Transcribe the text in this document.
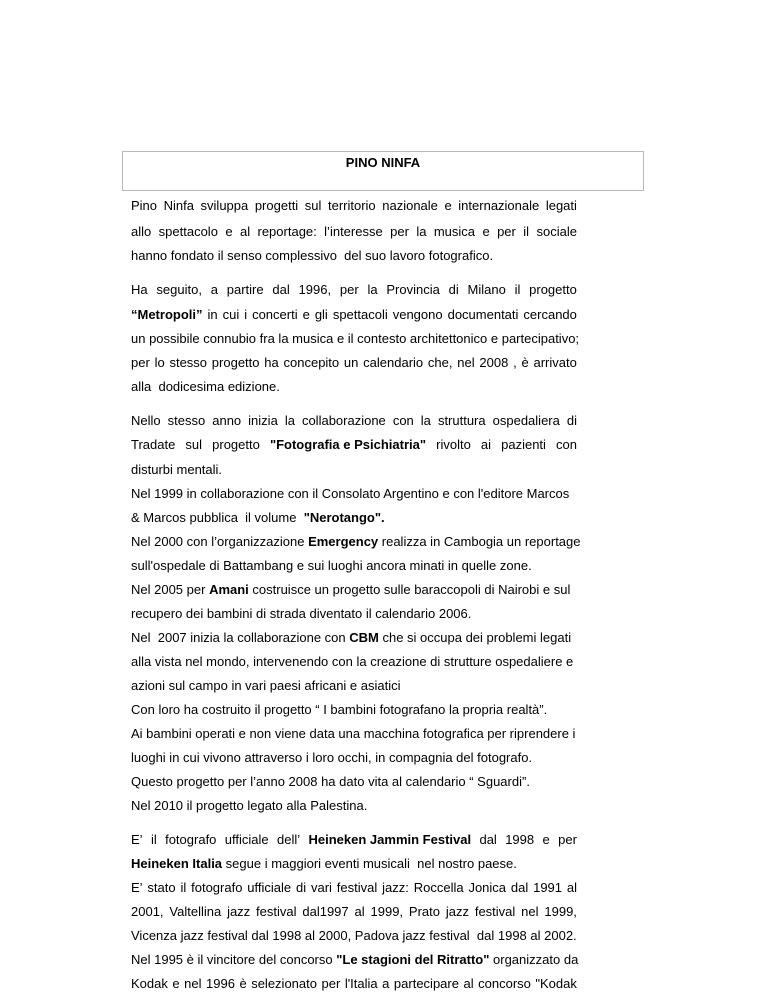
PINO NINFA
Pino Ninfa sviluppa progetti sul territorio nazionale e internazionale legati
allo spettacolo e al reportage: l’interesse per la musica e per il sociale
hanno fondato il senso complessivo  del suo lavoro fotografico.
Ha seguito, a partire dal 1996, per la Provincia di Milano il progetto
“Metropoli” in cui i concerti e gli spettacoli vengono documentati cercando
un possibile connubio fra la musica e il contesto architettonico e partecipativo;
per lo stesso progetto ha concepito un calendario che, nel 2008 , è arrivato
alla  dodicesima edizione.
Nello stesso anno inizia la collaborazione con la struttura ospedaliera di
Tradate sul progetto "Fotografia e Psichiatria" rivolto ai pazienti con
disturbi mentali.
Nel 1999 in collaborazione con il Consolato Argentino e con l'editore Marcos
& Marcos pubblica  il volume  "Nerotango".
Nel 2000 con l’organizzazione Emergency realizza in Cambogia un reportage
sull'ospedale di Battambang e sui luoghi ancora minati in quelle zone.
Nel 2005 per Amani costruisce un progetto sulle baraccopoli di Nairobi e sul
recupero dei bambini di strada diventato il calendario 2006.
Nel  2007 inizia la collaborazione con CBM che si occupa dei problemi legati
alla vista nel mondo, intervenendo con la creazione di strutture ospedaliere e
azioni sul campo in vari paesi africani e asiatici
Con loro ha costruito il progetto “ I bambini fotografano la propria realtà”.
Ai bambini operati e non viene data una macchina fotografica per riprendere i
luoghi in cui vivono attraverso i loro occhi, in compagnia del fotografo.
Questo progetto per l’anno 2008 ha dato vita al calendario “ Sguardi”.
Nel 2010 il progetto legato alla Palestina.
E’ il fotografo ufficiale dell’ Heineken Jammin Festival dal 1998 e per
Heineken Italia segue i maggiori eventi musicali  nel nostro paese.
E’ stato il fotografo ufficiale di vari festival jazz: Roccella Jonica dal 1991 al
2001, Valtellina jazz festival dal1997 al 1999, Prato jazz festival nel 1999,
Vicenza jazz festival dal 1998 al 2000, Padova jazz festival  dal 1998 al 2002.
Nel 1995 è il vincitore del concorso "Le stagioni del Ritratto" organizzato da
Kodak e nel 1996 è selezionato per l'Italia a partecipare al concorso "Kodak
